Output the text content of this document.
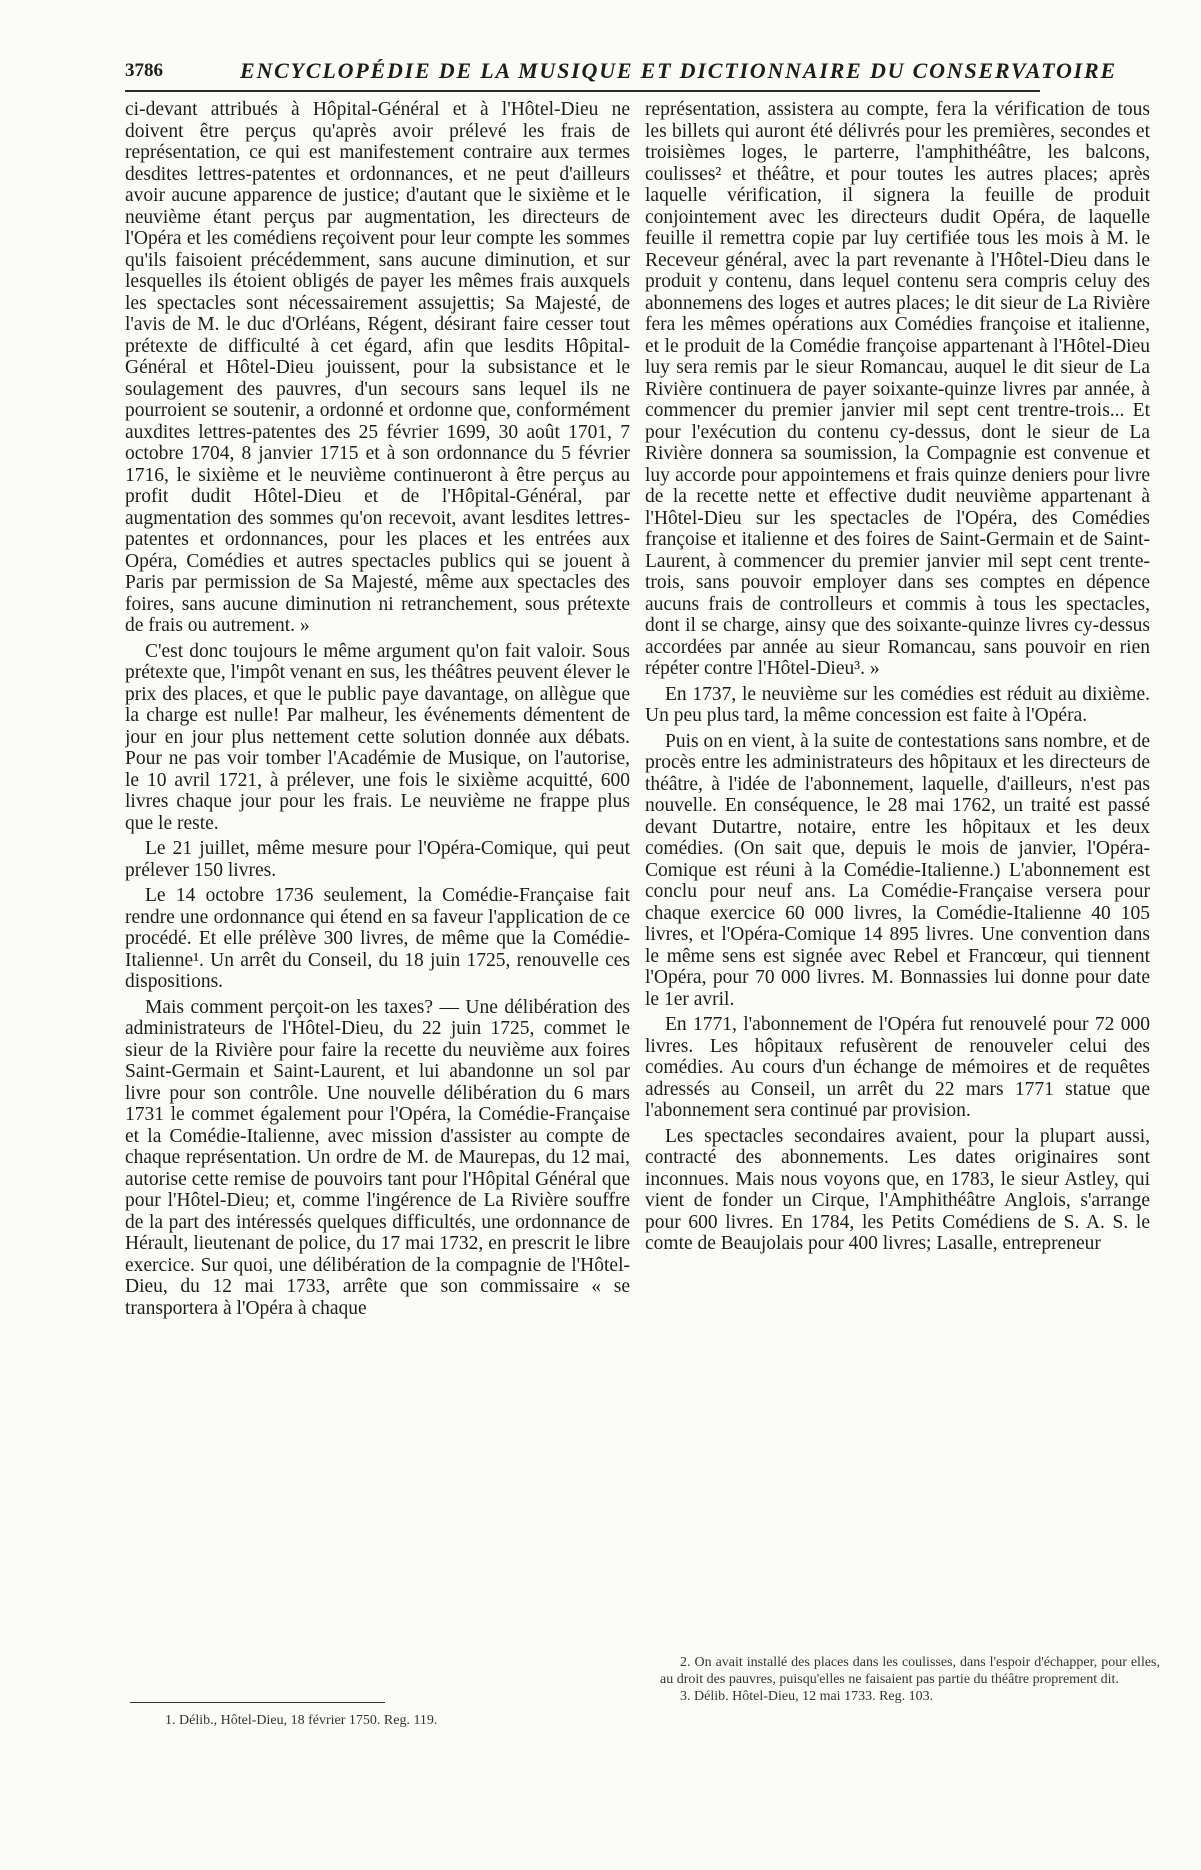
3786	ENCYCLOPÉDIE DE LA MUSIQUE ET DICTIONNAIRE DU CONSERVATOIRE

ci-devant attribués à Hôpital-Général et à l'Hôtel-Dieu ne doivent être perçus qu'après avoir prélevé les frais de représentation, ce qui est manifestement contraire aux termes desdites lettres-patentes et ordonnances, et ne peut d'ailleurs avoir aucune apparence de justice; d'autant que le sixième et le neuvième étant perçus par augmentation, les directeurs de l'Opéra et les comédiens reçoivent pour leur compte les sommes qu'ils faisoient précédemment, sans aucune diminution, et sur lesquelles ils étoient obligés de payer les mêmes frais auxquels les spectacles sont nécessairement assujettis; Sa Majesté, de l'avis de M. le duc d'Orléans, Régent, désirant faire cesser tout prétexte de difficulté à cet égard, afin que lesdits Hôpital-Général et Hôtel-Dieu jouissent, pour la subsistance et le soulagement des pauvres, d'un secours sans lequel ils ne pourroient se soutenir, a ordonné et ordonne que, conformément auxdites lettres-patentes des 25 février 1699, 30 août 1701, 7 octobre 1704, 8 janvier 1715 et à son ordonnance du 5 février 1716, le sixième et le neuvième continueront à être perçus au profit dudit Hôtel-Dieu et de l'Hôpital-Général, par augmentation des sommes qu'on recevoit, avant lesdites lettres-patentes et ordonnances, pour les places et les entrées aux Opéra, Comédies et autres spectacles publics qui se jouent à Paris par permission de Sa Majesté, même aux spectacles des foires, sans aucune diminution ni retranchement, sous prétexte de frais ou autrement. »

C'est donc toujours le même argument qu'on fait valoir. Sous prétexte que, l'impôt venant en sus, les théâtres peuvent élever le prix des places, et que le public paye davantage, on allègue que la charge est nulle! Par malheur, les événements démentent de jour en jour plus nettement cette solution donnée aux débats. Pour ne pas voir tomber l'Académie de Musique, on l'autorise, le 10 avril 1721, à prélever, une fois le sixième acquitté, 600 livres chaque jour pour les frais. Le neuvième ne frappe plus que le reste.

Le 21 juillet, même mesure pour l'Opéra-Comique, qui peut prélever 150 livres.

Le 14 octobre 1736 seulement, la Comédie-Française fait rendre une ordonnance qui étend en sa faveur l'application de ce procédé. Et elle prélève 300 livres, de même que la Comédie-Italienne¹. Un arrêt du Conseil, du 18 juin 1725, renouvelle ces dispositions.

Mais comment perçoit-on les taxes? — Une délibération des administrateurs de l'Hôtel-Dieu, du 22 juin 1725, commet le sieur de la Rivière pour faire la recette du neuvième aux foires Saint-Germain et Saint-Laurent, et lui abandonne un sol par livre pour son contrôle. Une nouvelle délibération du 6 mars 1731 le commet également pour l'Opéra, la Comédie-Française et la Comédie-Italienne, avec mission d'assister au compte de chaque représentation. Un ordre de M. de Maurepas, du 12 mai, autorise cette remise de pouvoirs tant pour l'Hôpital Général que pour l'Hôtel-Dieu; et, comme l'ingérence de La Rivière souffre de la part des intéressés quelques difficultés, une ordonnance de Hérault, lieutenant de police, du 17 mai 1732, en prescrit le libre exercice. Sur quoi, une délibération de la compagnie de l'Hôtel-Dieu, du 12 mai 1733, arrête que son commissaire « se transportera à l'Opéra à chaque

représentation, assistera au compte, fera la vérification de tous les billets qui auront été délivrés pour les premières, secondes et troisièmes loges, le parterre, l'amphithéâtre, les balcons, coulisses² et théâtre, et pour toutes les autres places; après laquelle vérification, il signera la feuille de produit conjointement avec les directeurs dudit Opéra, de laquelle feuille il remettra copie par luy certifiée tous les mois à M. le Receveur général, avec la part revenante à l'Hôtel-Dieu dans le produit y contenu, dans lequel contenu sera compris celuy des abonnemens des loges et autres places; le dit sieur de La Rivière fera les mêmes opérations aux Comédies françoise et italienne, et le produit de la Comédie françoise appartenant à l'Hôtel-Dieu luy sera remis par le sieur Romancau, auquel le dit sieur de La Rivière continuera de payer soixante-quinze livres par année, à commencer du premier janvier mil sept cent trentre-trois... Et pour l'exécution du contenu cy-dessus, dont le sieur de La Rivière donnera sa soumission, la Compagnie est convenue et luy accorde pour appointemens et frais quinze deniers pour livre de la recette nette et effective dudit neuvième appartenant à l'Hôtel-Dieu sur les spectacles de l'Opéra, des Comédies françoise et italienne et des foires de Saint-Germain et de Saint-Laurent, à commencer du premier janvier mil sept cent trente-trois, sans pouvoir employer dans ses comptes en dépence aucuns frais de controlleurs et commis à tous les spectacles, dont il se charge, ainsy que des soixante-quinze livres cy-dessus accordées par année au sieur Romancau, sans pouvoir en rien répéter contre l'Hôtel-Dieu³. »

En 1737, le neuvième sur les comédies est réduit au dixième. Un peu plus tard, la même concession est faite à l'Opéra.

Puis on en vient, à la suite de contestations sans nombre, et de procès entre les administrateurs des hôpitaux et les directeurs de théâtre, à l'idée de l'abonnement, laquelle, d'ailleurs, n'est pas nouvelle. En conséquence, le 28 mai 1762, un traité est passé devant Dutartre, notaire, entre les hôpitaux et les deux comédies. (On sait que, depuis le mois de janvier, l'Opéra-Comique est réuni à la Comédie-Italienne.) L'abonnement est conclu pour neuf ans. La Comédie-Française versera pour chaque exercice 60 000 livres, la Comédie-Italienne 40 105 livres, et l'Opéra-Comique 14 895 livres. Une convention dans le même sens est signée avec Rebel et Francœur, qui tiennent l'Opéra, pour 70 000 livres. M. Bonnassies lui donne pour date le 1er avril.

En 1771, l'abonnement de l'Opéra fut renouvelé pour 72 000 livres. Les hôpitaux refusèrent de renouveler celui des comédies. Au cours d'un échange de mémoires et de requêtes adressés au Conseil, un arrêt du 22 mars 1771 statue que l'abonnement sera continué par provision.

Les spectacles secondaires avaient, pour la plupart aussi, contracté des abonnements. Les dates originaires sont inconnues. Mais nous voyons que, en 1783, le sieur Astley, qui vient de fonder un Cirque, l'Amphithéâtre Anglois, s'arrange pour 600 livres. En 1784, les Petits Comédiens de S. A. S. le comte de Beaujolais pour 400 livres; Lasalle, entrepreneur

1. Délib., Hôtel-Dieu, 18 février 1750. Reg. 119.
2. On avait installé des places dans les coulisses, dans l'espoir d'échapper, pour elles, au droit des pauvres, puisqu'elles ne faisaient pas partie du théâtre proprement dit.
3. Délib. Hôtel-Dieu, 12 mai 1733. Reg. 103.
